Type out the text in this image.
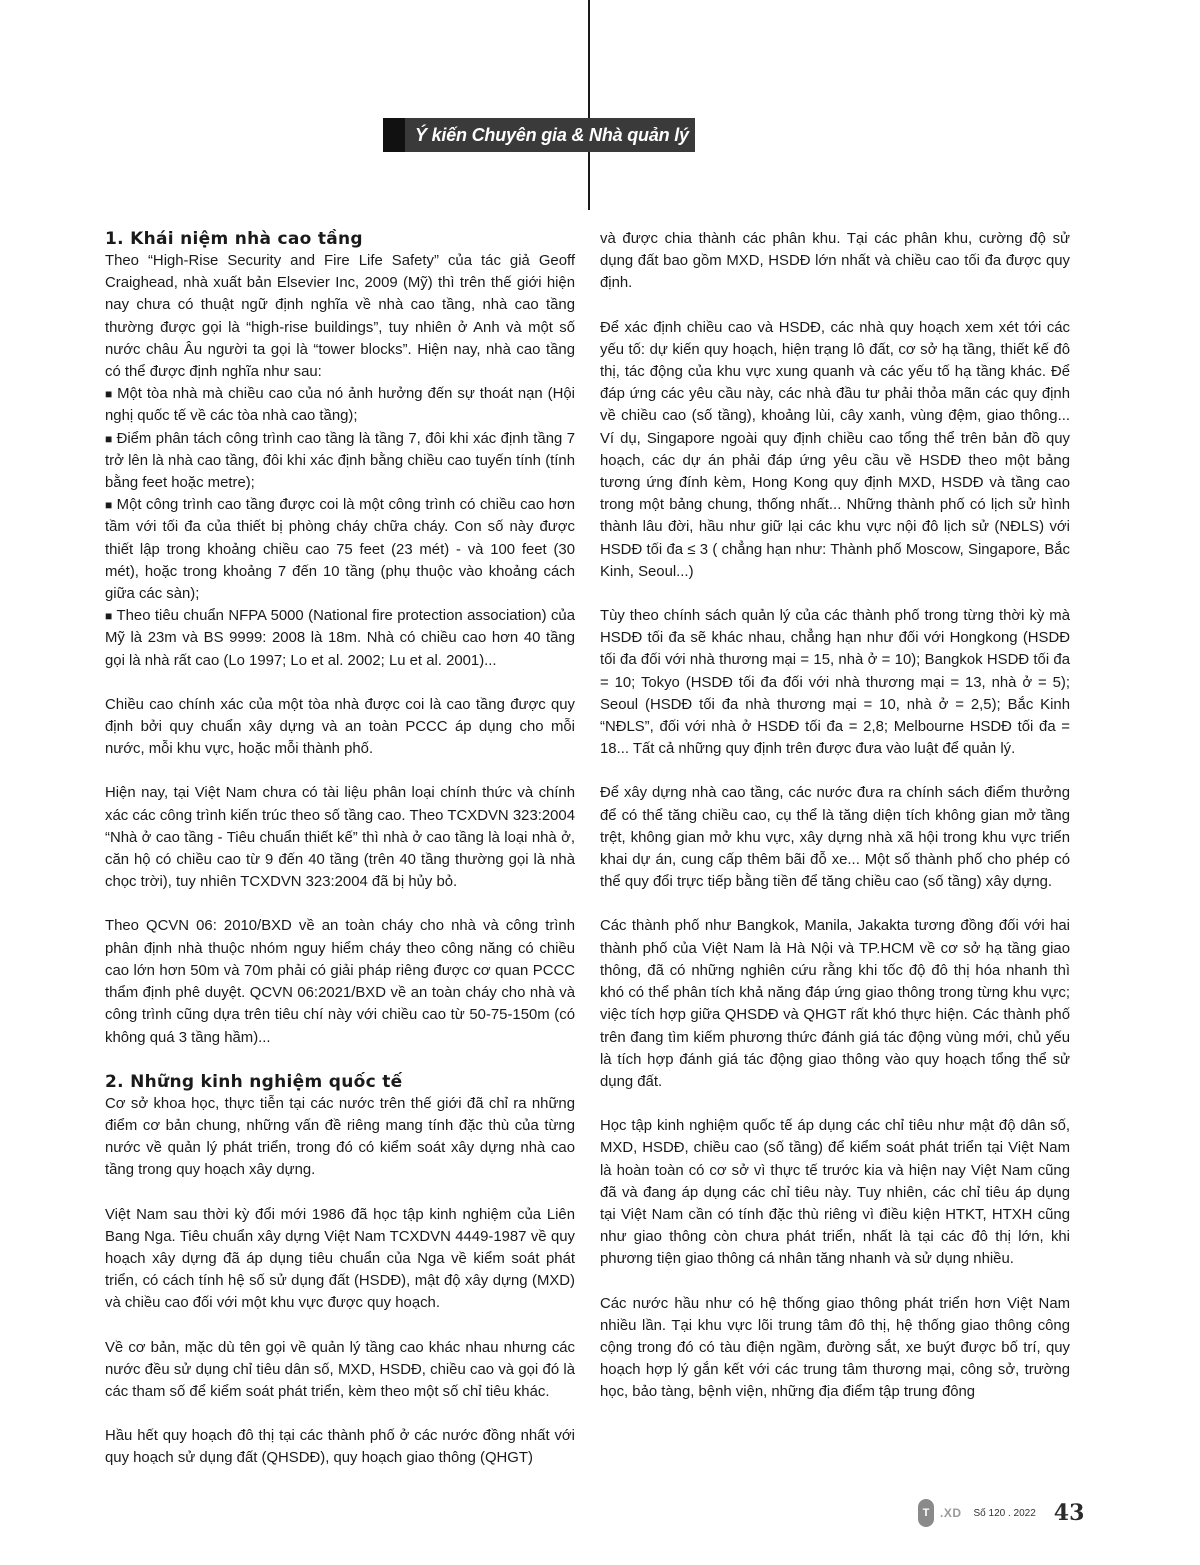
Ý kiến Chuyên gia & Nhà quản lý
1. Khái niệm nhà cao tầng

Theo “High-Rise Security and Fire Life Safety” của tác giả Geoff Craighead, nhà xuất bản Elsevier Inc, 2009 (Mỹ) thì trên thế giới hiện nay chưa có thuật ngữ định nghĩa về nhà cao tầng, nhà cao tầng thường được gọi là “high-rise buildings”, tuy nhiên ở Anh và một số nước châu Âu người ta gọi là “tower blocks”. Hiện nay, nhà cao tầng có thể được định nghĩa như sau:

■ Một tòa nhà mà chiều cao của nó ảnh hưởng đến sự thoát nạn (Hội nghị quốc tế về các tòa nhà cao tầng);

■ Điểm phân tách công trình cao tầng là tầng 7, đôi khi xác định tầng 7 trở lên là nhà cao tầng, đôi khi xác định bằng chiều cao tuyến tính (tính bằng feet hoặc metre);

■ Một công trình cao tầng được coi là một công trình có chiều cao hơn tầm với tối đa của thiết bị phòng cháy chữa cháy. Con số này được thiết lập trong khoảng chiều cao 75 feet (23 mét) - và 100 feet (30 mét), hoặc trong khoảng 7 đến 10 tầng (phụ thuộc vào khoảng cách giữa các sàn);

■ Theo tiêu chuẩn NFPA 5000 (National fire protection association) của Mỹ là 23m và BS 9999: 2008 là 18m. Nhà có chiều cao hơn 40 tầng gọi là nhà rất cao (Lo 1997; Lo et al. 2002; Lu et al. 2001)...

Chiều cao chính xác của một tòa nhà được coi là cao tầng được quy định bởi quy chuẩn xây dựng và an toàn PCCC áp dụng cho mỗi nước, mỗi khu vực, hoặc mỗi thành phố.

Hiện nay, tại Việt Nam chưa có tài liệu phân loại chính thức và chính xác các công trình kiến trúc theo số tầng cao. Theo TCXDVN 323:2004 “Nhà ở cao tầng - Tiêu chuẩn thiết kế” thì nhà ở cao tầng là loại nhà ở, căn hộ có chiều cao từ 9 đến 40 tầng (trên 40 tầng thường gọi là nhà chọc trời), tuy nhiên TCXDVN 323:2004 đã bị hủy bỏ.

Theo QCVN 06: 2010/BXD về an toàn cháy cho nhà và công trình phân định nhà thuộc nhóm nguy hiểm cháy theo công năng có chiều cao lớn hơn 50m và 70m phải có giải pháp riêng được cơ quan PCCC thẩm định phê duyệt. QCVN 06:2021/BXD về an toàn cháy cho nhà và công trình cũng dựa trên tiêu chí này với chiều cao từ 50-75-150m (có không quá 3 tầng hầm)...

2. Những kinh nghiệm quốc tế

Cơ sở khoa học, thực tiễn tại các nước trên thế giới đã chỉ ra những điểm cơ bản chung, những vấn đề riêng mang tính đặc thù của từng nước về quản lý phát triển, trong đó có kiểm soát xây dựng nhà cao tầng trong quy hoạch xây dựng.

Việt Nam sau thời kỳ đổi mới 1986 đã học tập kinh nghiệm của Liên Bang Nga. Tiêu chuẩn xây dựng Việt Nam TCXDVN 4449-1987 về quy hoạch xây dựng đã áp dụng tiêu chuẩn của Nga về kiểm soát phát triển, có cách tính hệ số sử dụng đất (HSDĐ), mật độ xây dựng (MXD) và chiều cao đối với một khu vực được quy hoạch.

Về cơ bản, mặc dù tên gọi về quản lý tầng cao khác nhau nhưng các nước đều sử dụng chỉ tiêu dân số, MXD, HSDĐ, chiều cao và gọi đó là các tham số để kiểm soát phát triển, kèm theo một số chỉ tiêu khác.

Hầu hết quy hoạch đô thị tại các thành phố ở các nước đồng nhất với quy hoạch sử dụng đất (QHSDĐ), quy hoạch giao thông (QHGT)

và được chia thành các phân khu. Tại các phân khu, cường độ sử dụng đất bao gồm MXD, HSDĐ lớn nhất và chiều cao tối đa được quy định.

Để xác định chiều cao và HSDĐ, các nhà quy hoạch xem xét tới các yếu tố: dự kiến quy hoạch, hiện trạng lô đất, cơ sở hạ tầng, thiết kế đô thị, tác động của khu vực xung quanh và các yếu tố hạ tầng khác. Để đáp ứng các yêu cầu này, các nhà đầu tư phải thỏa mãn các quy định về chiều cao (số tầng), khoảng lùi, cây xanh, vùng đệm, giao thông... Ví dụ, Singapore ngoài quy định chiều cao tổng thể trên bản đồ quy hoạch, các dự án phải đáp ứng yêu cầu về HSDĐ theo một bảng tương ứng đính kèm, Hong Kong quy định MXD, HSDĐ và tầng cao trong một bảng chung, thống nhất... Những thành phố có lịch sử hình thành lâu đời, hầu như giữ lại các khu vực nội đô lịch sử (NĐLS) với HSDĐ tối đa ≤ 3 ( chẳng hạn như: Thành phố Moscow, Singapore, Bắc Kinh, Seoul...)

Tùy theo chính sách quản lý của các thành phố trong từng thời kỳ mà HSDĐ tối đa sẽ khác nhau, chẳng hạn như đối với Hongkong (HSDĐ tối đa đối với nhà thương mại = 15, nhà ở = 10); Bangkok HSDĐ tối đa = 10; Tokyo (HSDĐ tối đa đối với nhà thương mại = 13, nhà ở = 5); Seoul (HSDĐ tối đa nhà thương mại = 10, nhà ở = 2,5); Bắc Kinh “NĐLS”, đối với nhà ở HSDĐ tối đa = 2,8; Melbourne HSDĐ tối đa = 18... Tất cả những quy định trên được đưa vào luật để quản lý.

Để xây dựng nhà cao tầng, các nước đưa ra chính sách điểm thưởng để có thể tăng chiều cao, cụ thể là tăng diện tích không gian mở tầng trệt, không gian mở khu vực, xây dựng nhà xã hội trong khu vực triển khai dự án, cung cấp thêm bãi đỗ xe... Một số thành phố cho phép có thể quy đổi trực tiếp bằng tiền để tăng chiều cao (số tầng) xây dựng.

Các thành phố như Bangkok, Manila, Jakakta tương đồng đối với hai thành phố của Việt Nam là Hà Nội và TP.HCM về cơ sở hạ tầng giao thông, đã có những nghiên cứu rằng khi tốc độ đô thị hóa nhanh thì khó có thể phân tích khả năng đáp ứng giao thông trong từng khu vực; việc tích hợp giữa QHSDĐ và QHGT rất khó thực hiện. Các thành phố trên đang tìm kiếm phương thức đánh giá tác động vùng mới, chủ yếu là tích hợp đánh giá tác động giao thông vào quy hoạch tổng thể sử dụng đất.

Học tập kinh nghiệm quốc tế áp dụng các chỉ tiêu như mật độ dân số, MXD, HSDĐ, chiều cao (số tầng) để kiểm soát phát triển tại Việt Nam là hoàn toàn có cơ sở vì thực tế trước kia và hiện nay Việt Nam cũng đã và đang áp dụng các chỉ tiêu này. Tuy nhiên, các chỉ tiêu áp dụng tại Việt Nam cần có tính đặc thù riêng vì điều kiện HTKT, HTXH cũng như giao thông còn chưa phát triển, nhất là tại các đô thị lớn, khi phương tiện giao thông cá nhân tăng nhanh và sử dụng nhiều.

Các nước hầu như có hệ thống giao thông phát triển hơn Việt Nam nhiều lần. Tại khu vực lõi trung tâm đô thị, hệ thống giao thông công cộng trong đó có tàu điện ngầm, đường sắt, xe buýt được bố trí, quy hoạch hợp lý gắn kết với các trung tâm thương mại, công sở, trường học, bảo tàng, bệnh viện, những địa điểm tập trung đông

T .XD Số 120 . 2022 43
